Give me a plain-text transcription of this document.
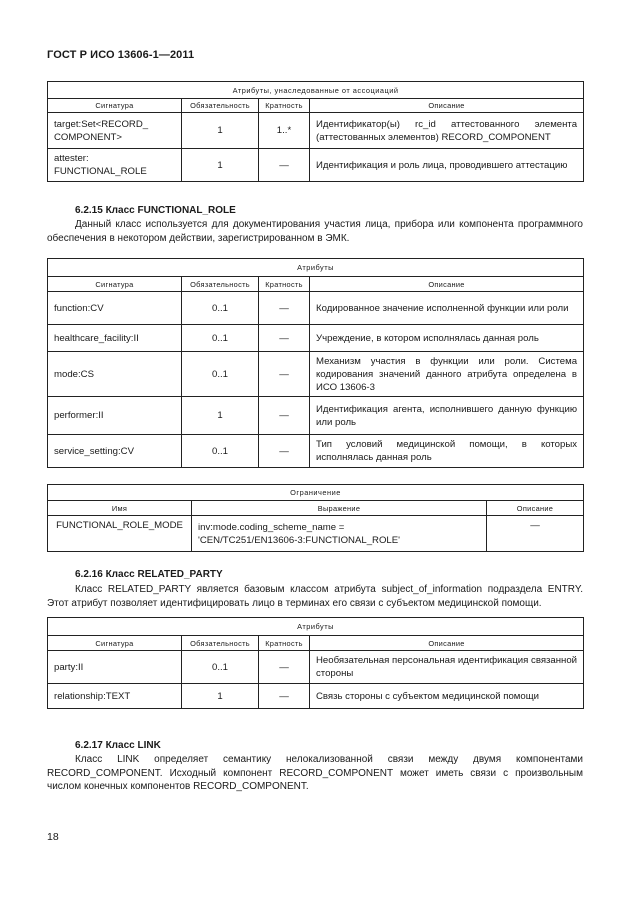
ГОСТ Р ИСО 13606-1—2011
Атрибуты, унаследованные от ассоциаций			
Сигнатура	Обязательность	Кратность	Описание
target:Set<RECORD_ COMPONENT>	1	1..*	Идентификатор(ы) rc_id аттестованного элемента (аттестованных элементов) RECORD_COMPONENT
attester: FUNCTIONAL_ROLE	1	—	Идентификация и роль лица, проводившего аттестацию
6.2.15 Класс FUNCTIONAL_ROLE
Данный класс используется для документирования участия лица, прибора или компонента программного обеспечения в некотором действии, зарегистрированном в ЭМК.
Атрибуты			
Сигнатура	Обязательность	Кратность	Описание
function:CV	0..1	—	Кодированное значение исполненной функции или роли
healthcare_facility:II	0..1	—	Учреждение, в котором исполнялась данная роль
mode:CS	0..1	—	Механизм участия в функции или роли. Система кодирования значений данного атрибута определена в ИСО 13606-3
performer:II	1	—	Идентификация агента, исполнившего данную функцию или роль
service_setting:CV	0..1	—	Тип условий медицинской помощи, в которых исполнялась данная роль
Ограничение		
Имя	Выражение	Описание
FUNCTIONAL_ROLE_MODE	inv:mode.coding_scheme_name =
'CEN/TC251/EN13606-3:FUNCTIONAL_ROLE'	—
6.2.16 Класс RELATED_PARTY
Класс RELATED_PARTY является базовым классом атрибута subject_of_information подраздела ENTRY. Этот атрибут позволяет идентифицировать лицо в терминах его связи с субъектом медицинской помощи.
Атрибуты			
Сигнатура	Обязательность	Кратность	Описание
party:II	0..1	—	Необязательная персональная идентификация связанной стороны
relationship:TEXT	1	—	Связь стороны с субъектом медицинской помощи
6.2.17 Класс LINK
Класс LINK определяет семантику нелокализованной связи между двумя компонентами RECORD_COMPONENT. Исходный компонент RECORD_COMPONENT может иметь связи с произвольным числом конечных компонентов RECORD_COMPONENT.
18
